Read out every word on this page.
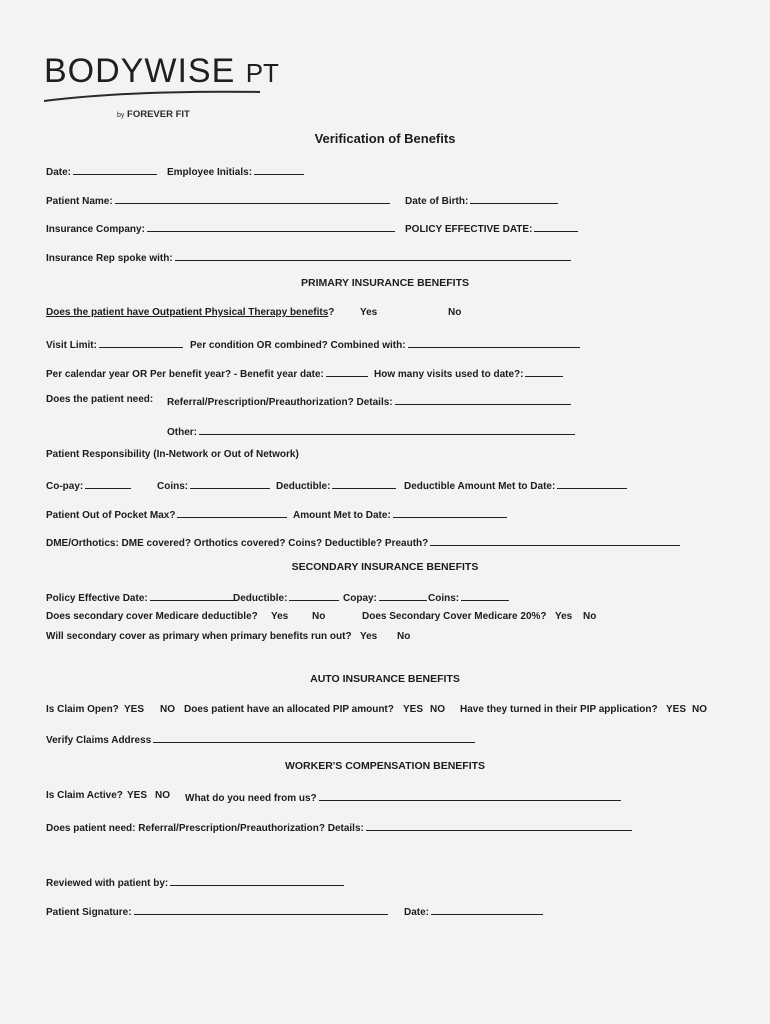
BODYWISE PT
by FOREVER FIT
Verification of Benefits
Date:	Employee Initials:
Patient Name:	Date of Birth:
Insurance Company:	POLICY EFFECTIVE DATE:
Insurance Rep spoke with:
PRIMARY INSURANCE BENEFITS
Does the patient have Outpatient Physical Therapy benefits?	Yes	No
Visit Limit:	Per condition OR combined? Combined with:
Per calendar year OR Per benefit year? - Benefit year date:	How many visits used to date?:
Does the patient need: Referral/Prescription/Preauthorization? Details:
Other:
Patient Responsibility (In-Network or Out of Network)
Co-pay:	Coins:	Deductible:	Deductible Amount Met to Date:
Patient Out of Pocket Max?	Amount Met to Date:
DME/Orthotics: DME covered? Orthotics covered? Coins? Deductible? Preauth?
SECONDARY INSURANCE BENEFITS
Policy Effective Date:	Deductible:	Copay:	Coins:
Does secondary cover Medicare deductible? Yes No	Does Secondary Cover Medicare 20%? Yes No
Will secondary cover as primary when primary benefits run out? Yes No
AUTO INSURANCE BENEFITS
Is Claim Open? YES NO Does patient have an allocated PIP amount? YES NO Have they turned in their PIP application? YES NO
Verify Claims Address
WORKER'S COMPENSATION BENEFITS
Is Claim Active? YES NO What do you need from us?
Does patient need: Referral/Prescription/Preauthorization? Details:
Reviewed with patient by:
Patient Signature:	Date:
